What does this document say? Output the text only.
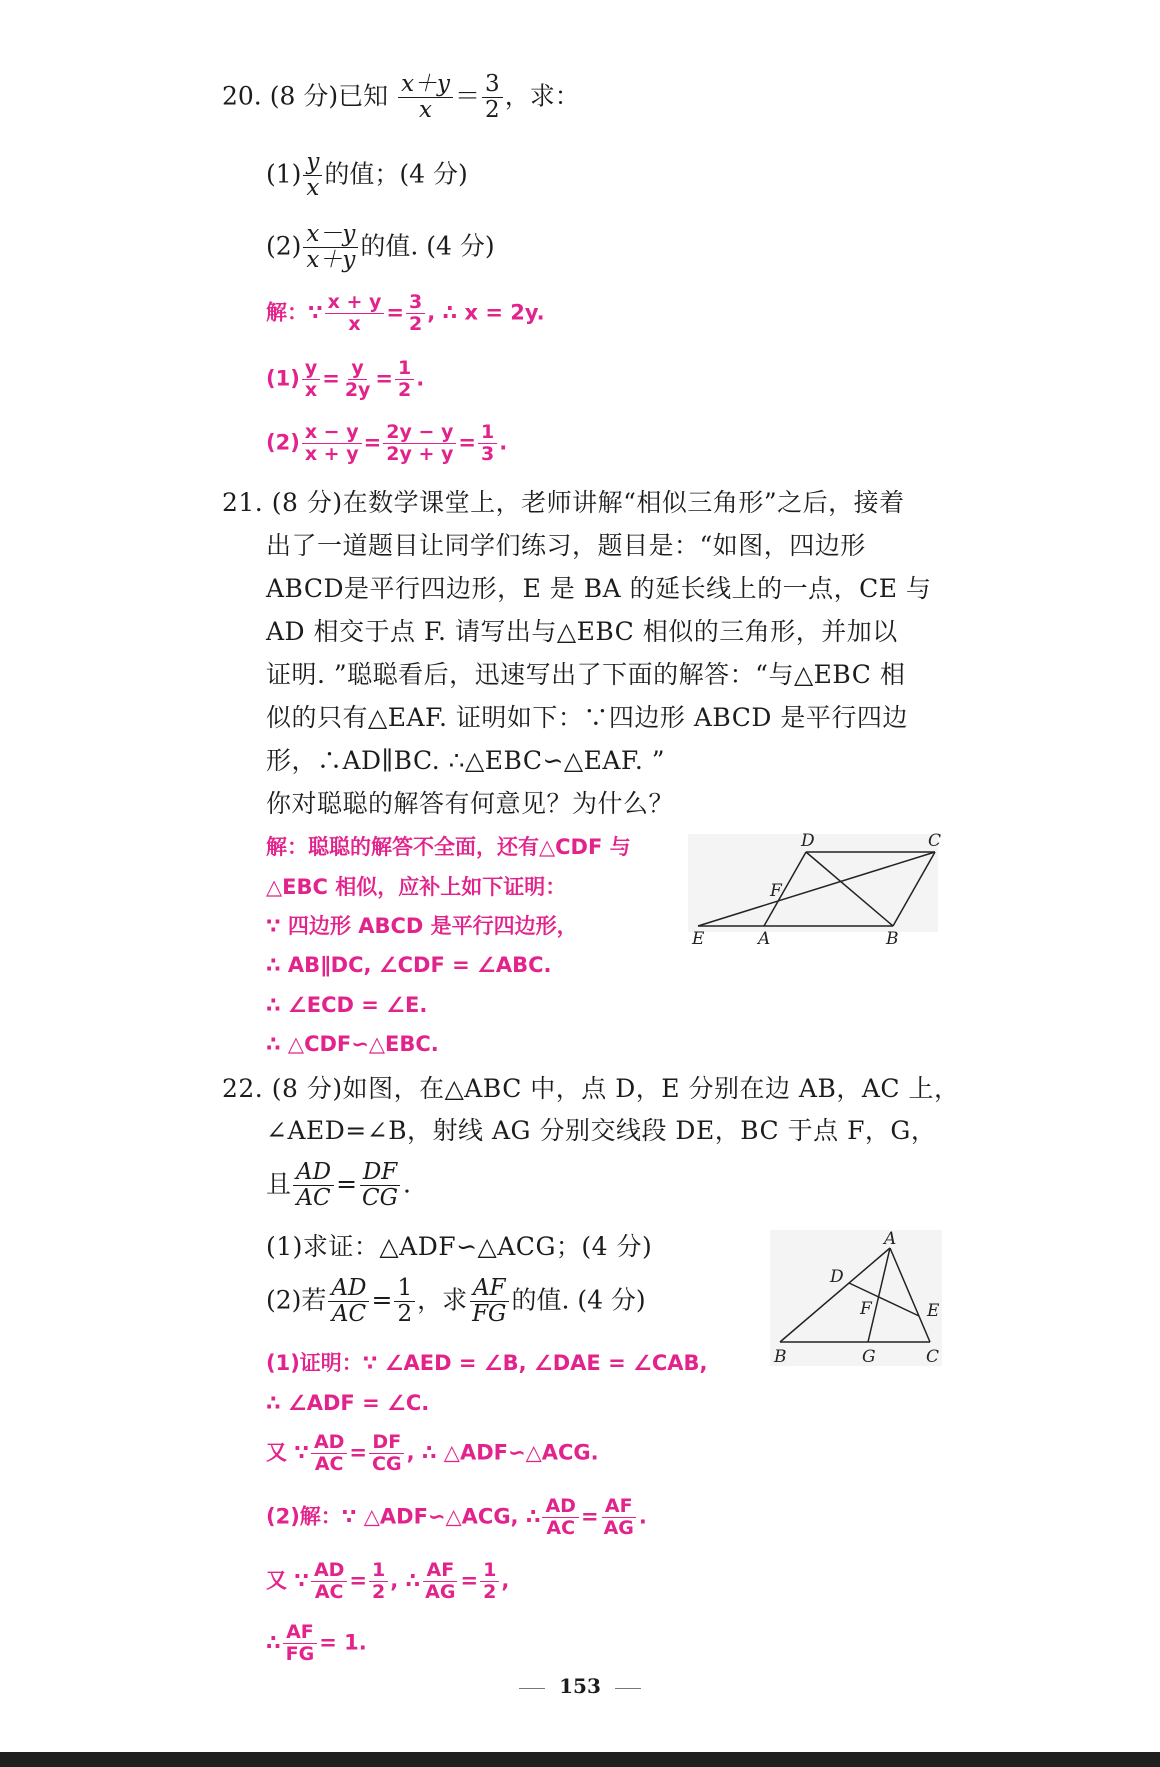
20. (8 分)已知 $\frac{x+y}{x} = \frac{3}{2}$ ，求：
$(1) \frac{y}{x}$ 的值；(4 分)
$(2) \frac{x-y}{x+y}$ 的值. (4 分)
解：∵ $\frac{x + y}{x} = \frac{3}{2}$ , ∴ x = 2y.
$(1) \frac{y}{x} = \frac{y}{2y} = \frac{1}{2}$ .
$(2) \frac{x - y}{x + y} = \frac{2y - y}{2y + y} = \frac{1}{3}$ .
21. (8 分)在数学课堂上，老师讲解“相似三角形”之后，接着
出了一道题目让同学们练习，题目是：“如图，四边形
ABCD是平行四边形，E 是 BA 的延长线上的一点，CE 与
AD 相交于点 F. 请写出与△EBC 相似的三角形，并加以
证明. ”聪聪看后，迅速写出了下面的解答：“与△EBC 相
似的只有△EAF. 证明如下：∵四边形 ABCD 是平行四边
形，∴AD∥BC. ∴△EBC∽△EAF. ”
你对聪聪的解答有何意见？为什么？
解：聪聪的解答不全面，还有△CDF 与
△EBC 相似，应补上如下证明：
∵ 四边形 ABCD 是平行四边形，
∴ AB∥DC, ∠CDF = ∠ABC.
∴ ∠ECD = ∠E.
∴ △CDF∽△EBC.
D	C
F
E	A	B
22. (8 分)如图，在△ABC 中，点 D，E 分别在边 AB，AC 上，
∠AED=∠B，射线 AG 分别交线段 DE，BC 于点 F，G，
且 $\frac{AD}{AC} = \frac{DF}{CG}$ .
(1)求证：△ADF∽△ACG；(4 分)
(2)若 $\frac{AD}{AC} = \frac{1}{2}$ ，求 $\frac{AF}{FG}$ 的值. (4 分)
(1)证明：∵ ∠AED = ∠B, ∠DAE = ∠CAB,
∴ ∠ADF = ∠C.
又 ∵ $\frac{AD}{AC} = \frac{DF}{CG}$ , ∴ △ADF∽△ACG.
(2)解：∵ △ADF∽△ACG, ∴ $\frac{AD}{AC} = \frac{AF}{AG}$ .
又 ∵ $\frac{AD}{AC} = \frac{1}{2}$ , ∴ $\frac{AF}{AG} = \frac{1}{2}$ ,
∴ $\frac{AF}{FG} = 1$.
A
D
F	E
B	G	C
153
